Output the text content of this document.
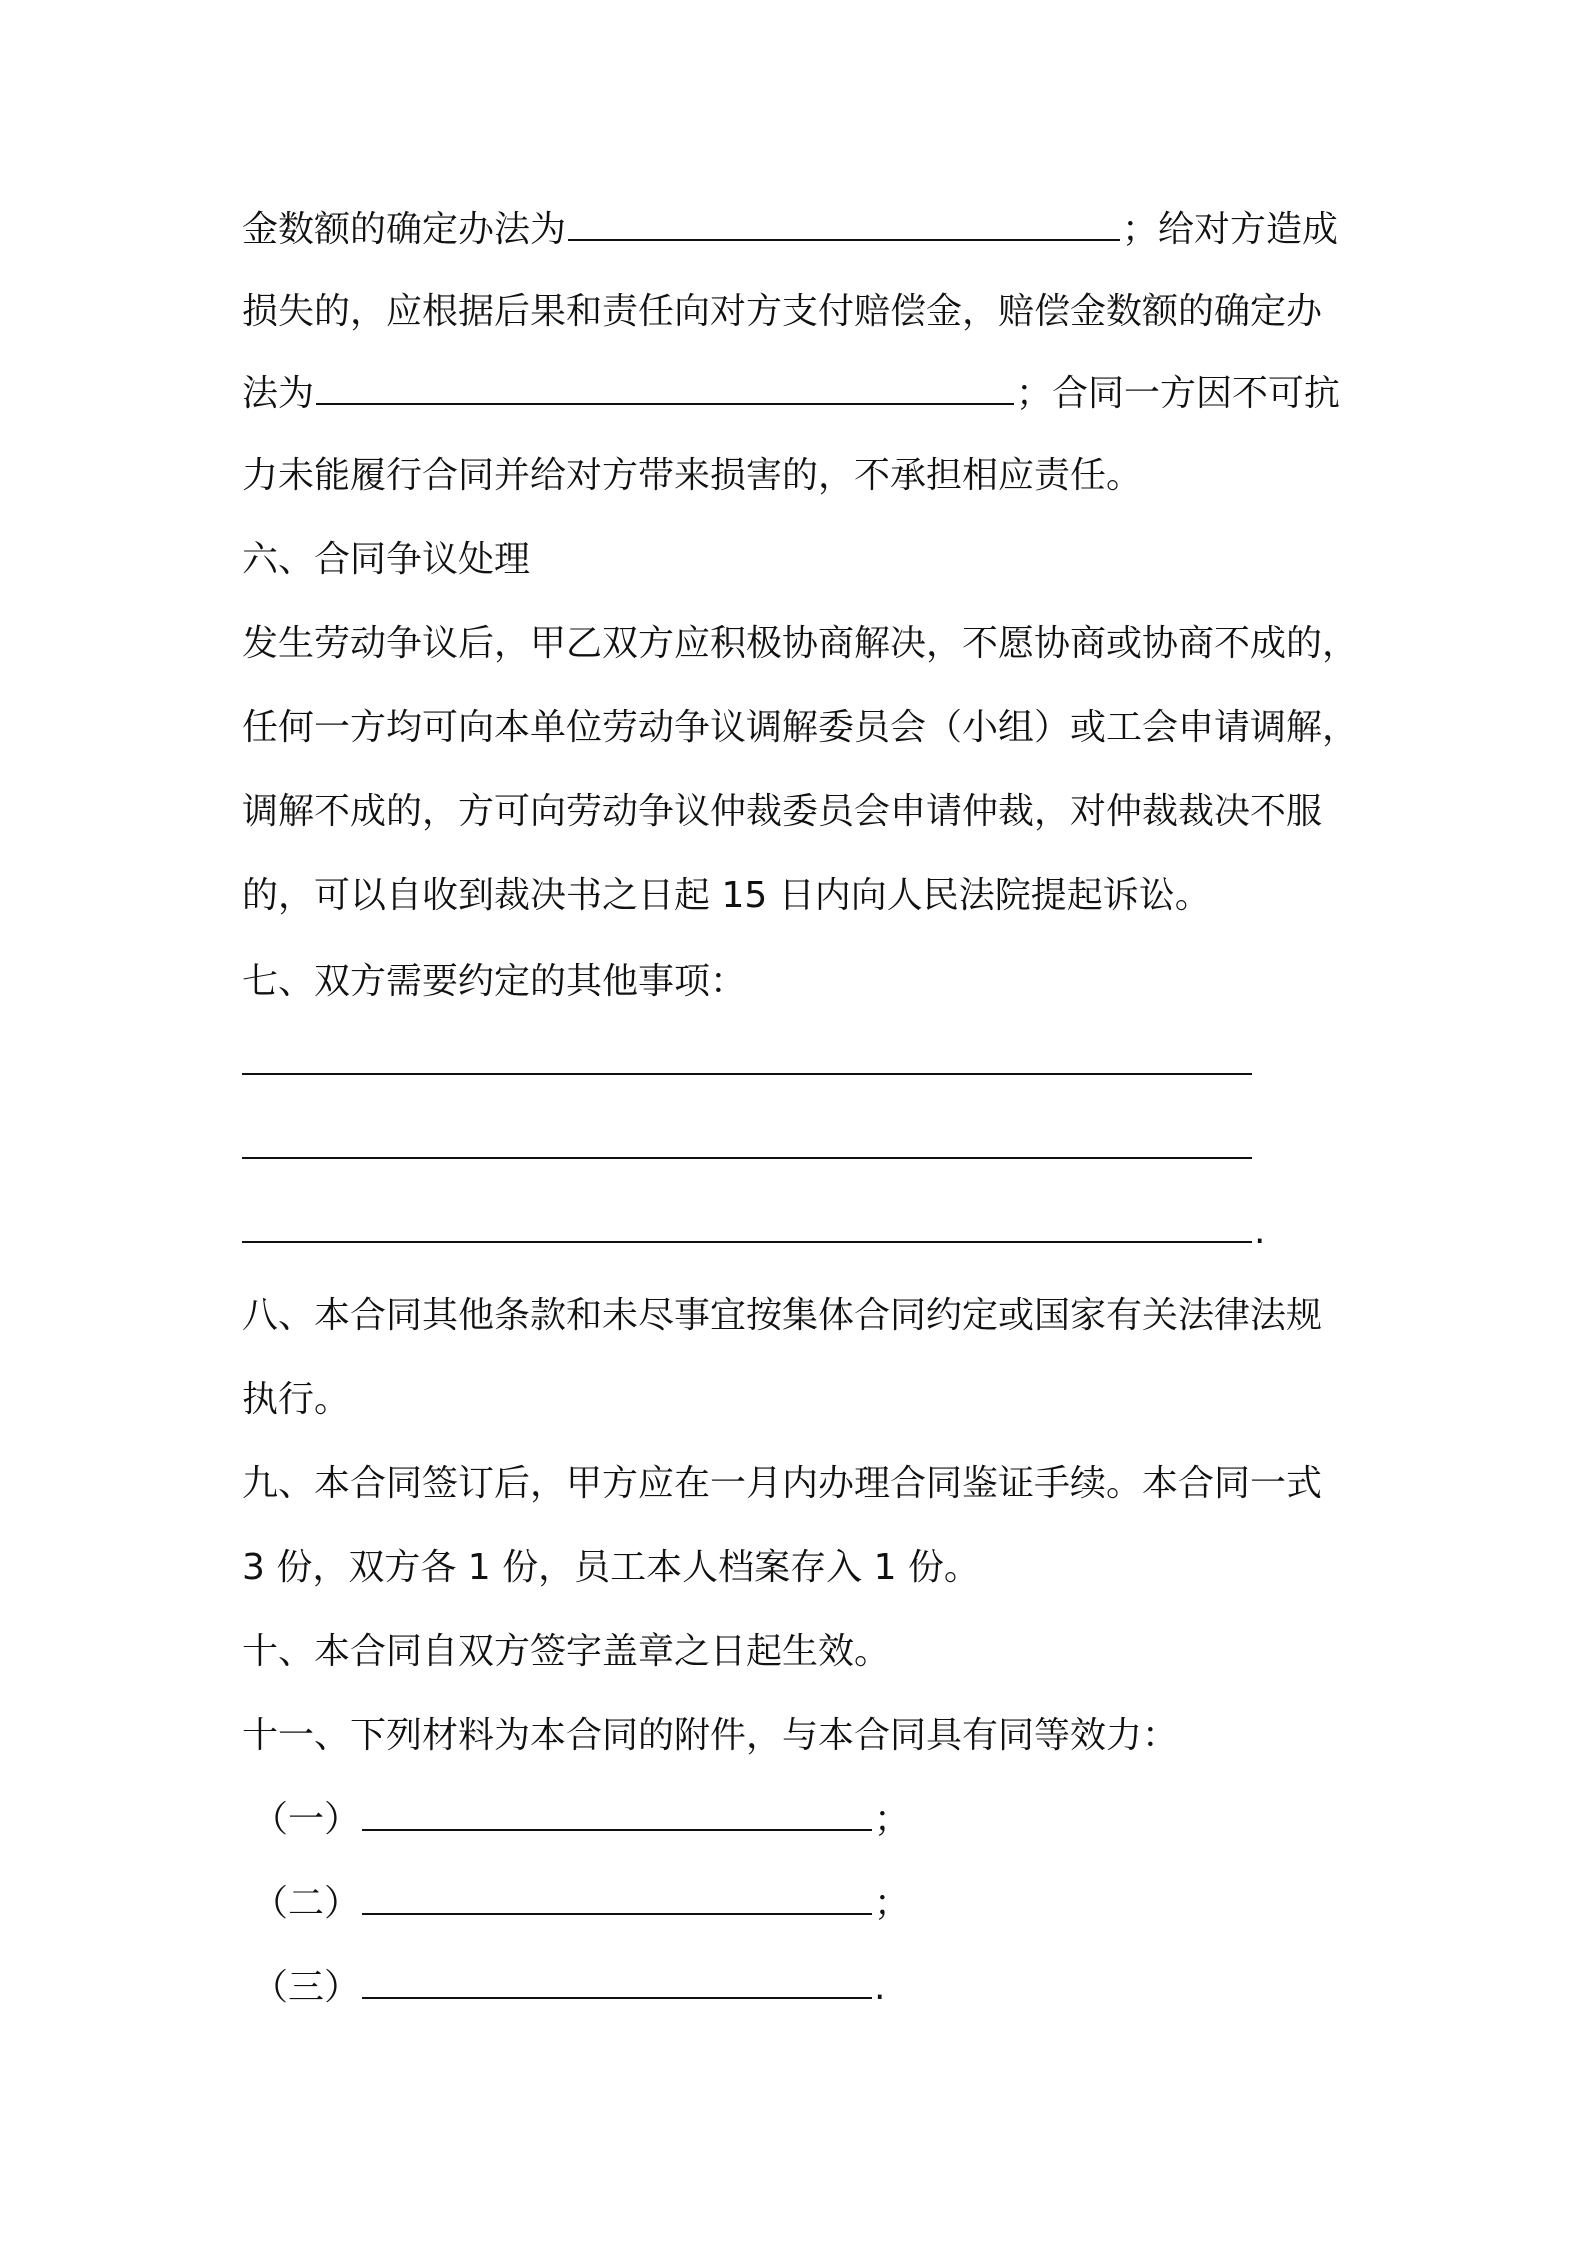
金数额的确定办法为	；给对方造成
损失的，应根据后果和责任向对方支付赔偿金，赔偿金数额的确定办
法为	；合同一方因不可抗
力未能履行合同并给对方带来损害的，不承担相应责任。
六、合同争议处理
发生劳动争议后，甲乙双方应积极协商解决，不愿协商或协商不成的，
任何一方均可向本单位劳动争议调解委员会（小组）或工会申请调解，
调解不成的，方可向劳动争议仲裁委员会申请仲裁，对仲裁裁决不服
的，可以自收到裁决书之日起 15 日内向人民法院提起诉讼。
七、双方需要约定的其他事项：
.
八、本合同其他条款和未尽事宜按集体合同约定或国家有关法律法规
执行。
九、本合同签订后，甲方应在一月内办理合同鉴证手续。本合同一式
3 份，双方各 1 份，员工本人档案存入 1 份。
十、本合同自双方签字盖章之日起生效。
十一、下列材料为本合同的附件，与本合同具有同等效力：
（一）	；
（二）	；
（三）	.
